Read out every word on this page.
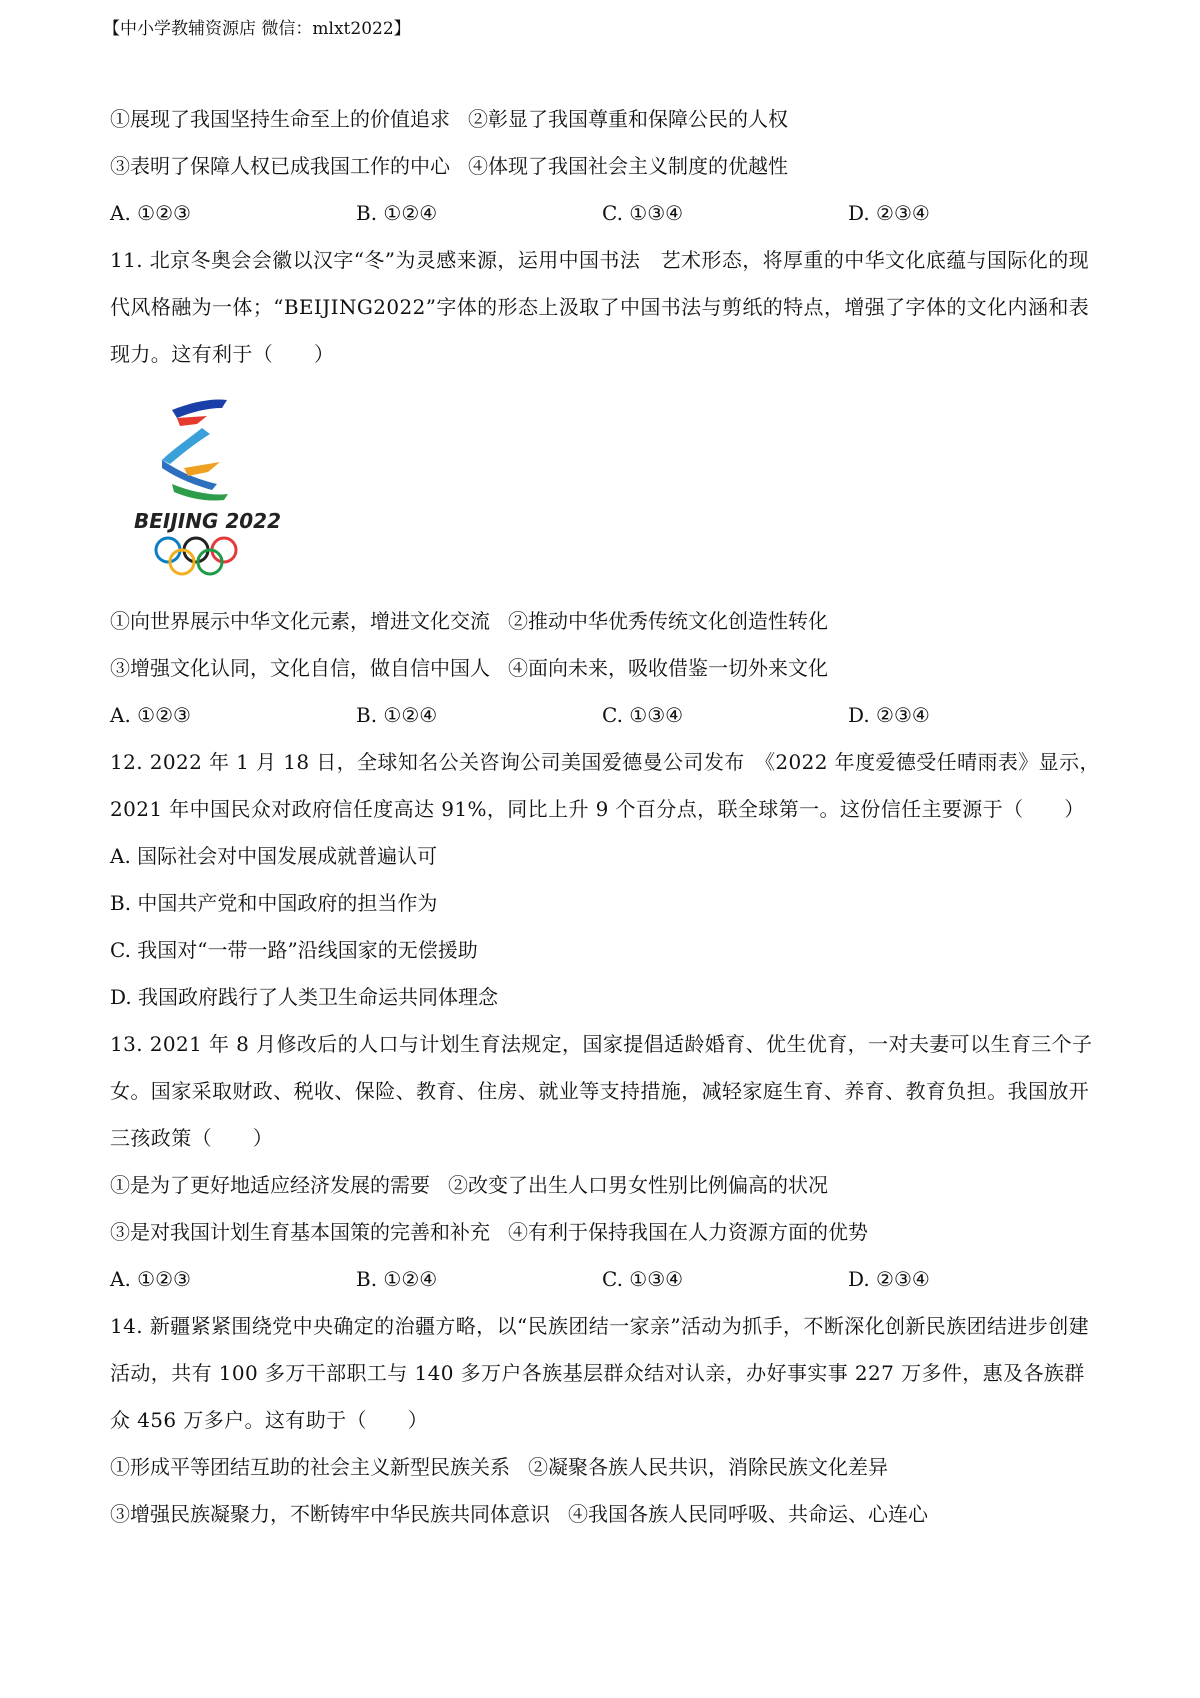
【中小学教辅资源店 微信：mlxt2022】
①展现了我国坚持生命至上的价值追求 ②彰显了我国尊重和保障公民的人权
③表明了保障人权已成我国工作的中心 ④体现了我国社会主义制度的优越性
A. ①②③	B. ①②④	C. ①③④	D. ②③④
11. 北京冬奥会会徽以汉字“冬”为灵感来源，运用中国书法　艺术形态，将厚重的中华文化底蕴与国际化的现代风格融为一体；“BEIJING2022”字体的形态上汲取了中国书法与剪纸的特点，增强了字体的文化内涵和表现力。这有利于（　　）
BEIJING 2022
①向世界展示中华文化元素，增进文化交流 ②推动中华优秀传统文化创造性转化
③增强文化认同，文化自信，做自信中国人 ④面向未来，吸收借鉴一切外来文化
A. ①②③	B. ①②④	C. ①③④	D. ②③④
12. 2022 年 1 月 18 日，全球知名公关咨询公司美国爱德曼公司发布　《2022 年度爱德受任晴雨表》显示，2021 年中国民众对政府信任度高达 91%，同比上升 9 个百分点，联全球第一。这份信任主要源于（　　）
A. 国际社会对中国发展成就普遍认可
B. 中国共产党和中国政府的担当作为
C. 我国对“一带一路”沿线国家的无偿援助
D. 我国政府践行了人类卫生命运共同体理念
13. 2021 年 8 月修改后的人口与计划生育法规定，国家提倡适龄婚育、优生优育，一对夫妻可以生育三个子女。国家采取财政、税收、保险、教育、住房、就业等支持措施，减轻家庭生育、养育、教育负担。我国放开三孩政策（　　）
①是为了更好地适应经济发展的需要 ②改变了出生人口男女性别比例偏高的状况
③是对我国计划生育基本国策的完善和补充 ④有利于保持我国在人力资源方面的优势
A. ①②③	B. ①②④	C. ①③④	D. ②③④
14. 新疆紧紧围绕党中央确定的治疆方略，以“民族团结一家亲”活动为抓手，不断深化创新民族团结进步创建活动，共有 100 多万干部职工与 140 多万户各族基层群众结对认亲，办好事实事 227 万多件，惠及各族群众 456 万多户。这有助于（　　）
①形成平等团结互助的社会主义新型民族关系 ②凝聚各族人民共识，消除民族文化差异
③增强民族凝聚力，不断铸牢中华民族共同体意识 ④我国各族人民同呼吸、共命运、心连心
